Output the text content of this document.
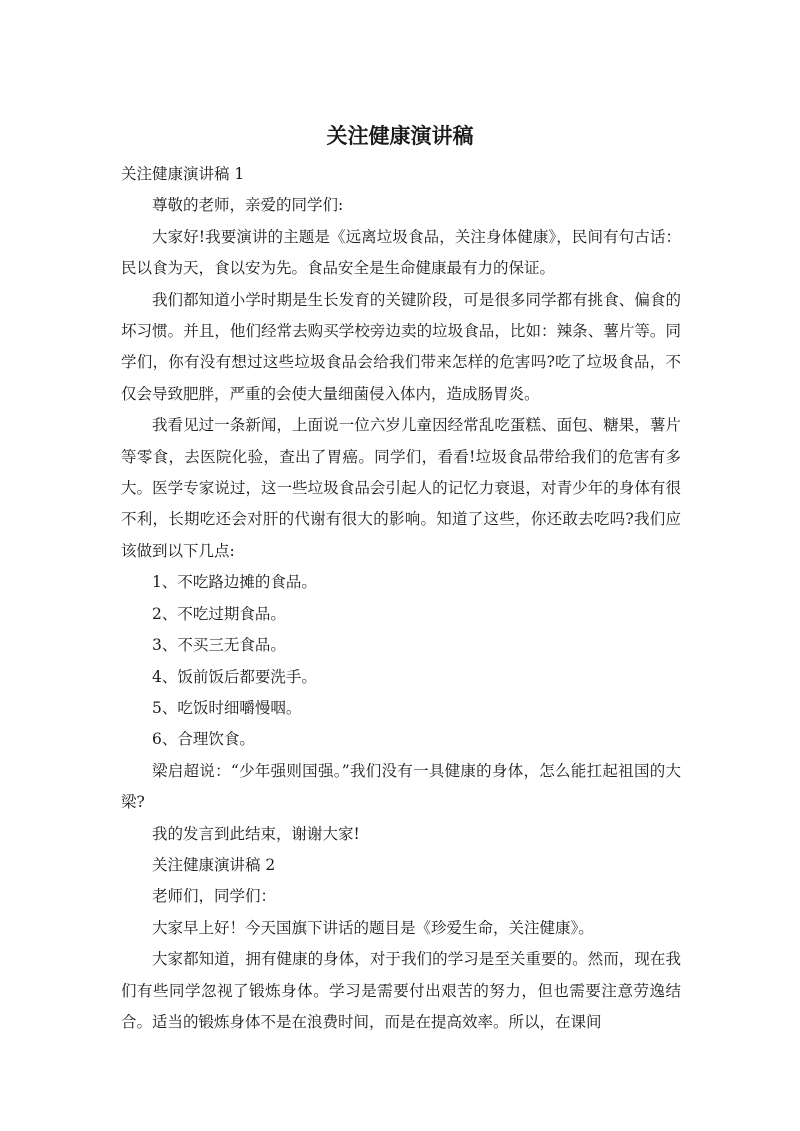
关注健康演讲稿

关注健康演讲稿 1

尊敬的老师，亲爱的同学们:

大家好!我要演讲的主题是《远离垃圾食品，关注身体健康》，民间有句古话：民以食为天，食以安为先。食品安全是生命健康最有力的保证。

我们都知道小学时期是生长发育的关键阶段，可是很多同学都有挑食、偏食的坏习惯。并且，他们经常去购买学校旁边卖的垃圾食品，比如：辣条、薯片等。同学们，你有没有想过这些垃圾食品会给我们带来怎样的危害吗?吃了垃圾食品，不仅会导致肥胖，严重的会使大量细菌侵入体内，造成肠胃炎。

我看见过一条新闻，上面说一位六岁儿童因经常乱吃蛋糕、面包、糖果，薯片等零食，去医院化验，查出了胃癌。同学们，看看!垃圾食品带给我们的危害有多大。医学专家说过，这一些垃圾食品会引起人的记忆力衰退，对青少年的身体有很不利，长期吃还会对肝的代谢有很大的影响。知道了这些，你还敢去吃吗?我们应该做到以下几点:

1、不吃路边摊的食品。

2、不吃过期食品。

3、不买三无食品。

4、饭前饭后都要洗手。

5、吃饭时细嚼慢咽。

6、合理饮食。

梁启超说：“少年强则国强。”我们没有一具健康的身体，怎么能扛起祖国的大梁?

我的发言到此结束，谢谢大家!

关注健康演讲稿 2

老师们，同学们：

大家早上好！今天国旗下讲话的题目是《珍爱生命，关注健康》。

大家都知道，拥有健康的身体，对于我们的学习是至关重要的。然而，现在我们有些同学忽视了锻炼身体。学习是需要付出艰苦的努力，但也需要注意劳逸结合。适当的锻炼身体不是在浪费时间，而是在提高效率。所以，在课间
